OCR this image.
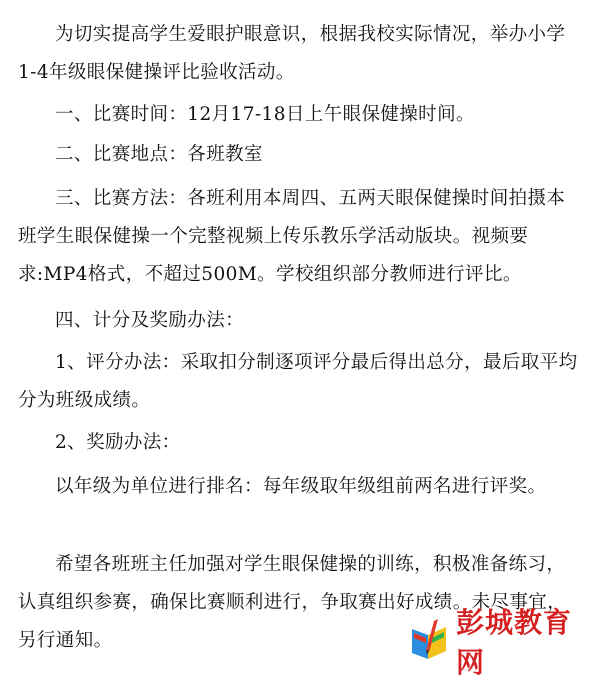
为切实提高学生爱眼护眼意识，根据我校实际情况，举办小学1-4年级眼保健操评比验收活动。

一、比赛时间：12月17-18日上午眼保健操时间。

二、比赛地点：各班教室

三、比赛方法：各班利用本周四、五两天眼保健操时间拍摄本班学生眼保健操一个完整视频上传乐教乐学活动版块。视频要求:MP4格式，不超过500M。学校组织部分教师进行评比。

四、计分及奖励办法：

1、评分办法：采取扣分制逐项评分最后得出总分，最后取平均分为班级成绩。

2、奖励办法：

以年级为单位进行排名：每年级取年级组前两名进行评奖。

希望各班班主任加强对学生眼保健操的训练，积极准备练习，认真组织参赛，确保比赛顺利进行，争取赛出好成绩。未尽事宜，另行通知。

彭城教育网
